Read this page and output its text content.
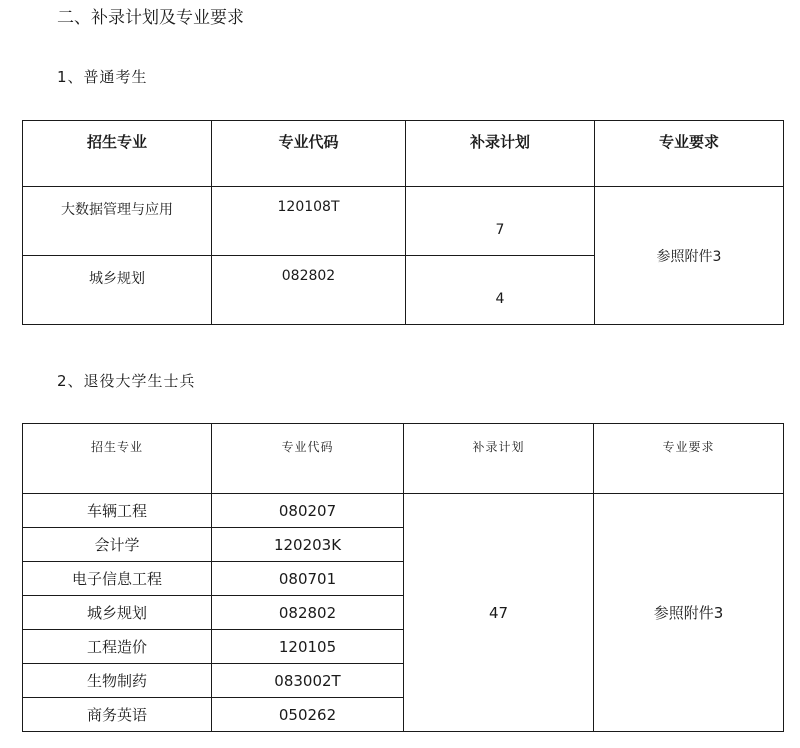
二、补录计划及专业要求
1、普通考生
招生专业	专业代码	补录计划	专业要求
大数据管理与应用	120108T	7	参照附件3
城乡规划	082802	4	
2、退役大学生士兵
招生专业	专业代码	补录计划	专业要求
车辆工程	080207	47	参照附件3
会计学	120203K		
电子信息工程	080701		
城乡规划	082802		
工程造价	120105		
生物制药	083002T		
商务英语	050262		
